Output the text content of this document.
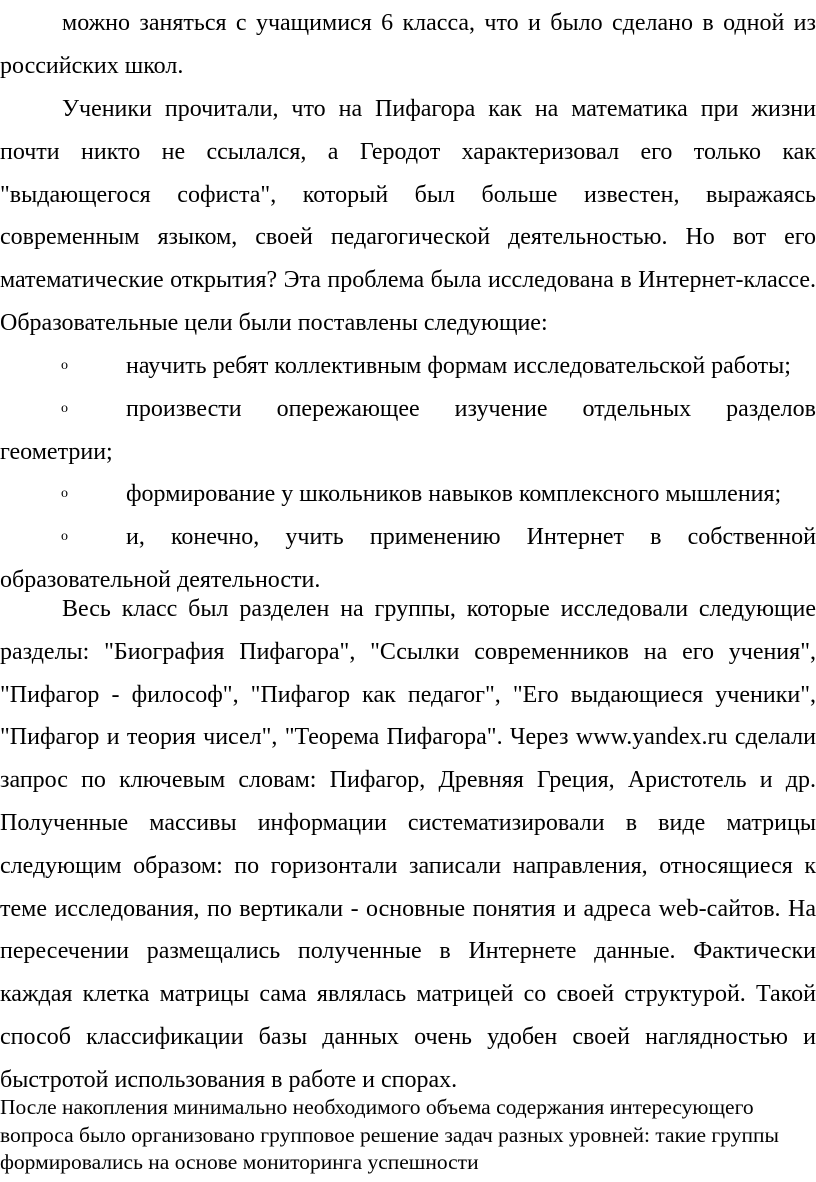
можно заняться с учащимися 6 класса, что и было сделано в одной из российских школ.

Ученики прочитали, что на Пифагора как на математика при жизни почти никто не ссылался, а Геродот характеризовал его только как "выдающегося софиста", который был больше известен, выражаясь современным языком, своей педагогической деятельностью. Но вот его математические открытия? Эта проблема была исследована в Интернет-классе. Образовательные цели были поставлены следующие:

o научить ребят коллективным формам исследовательской работы;

o произвести опережающее изучение отдельных разделов геометрии;

o формирование у школьников навыков комплексного мышления;

o и, конечно, учить применению Интернет в собственной образовательной деятельности.

Весь класс был разделен на группы, которые исследовали следующие разделы: "Биография Пифагора", "Ссылки современников на его учения", "Пифагор - философ", "Пифагор как педагог", "Его выдающиеся ученики", "Пифагор и теория чисел", "Теорема Пифагора". Через www.yandex.ru сделали запрос по ключевым словам: Пифагор, Древняя Греция, Аристотель и др. Полученные массивы информации систематизировали в виде матрицы следующим образом: по горизонтали записали направления, относящиеся к теме исследования, по вертикали - основные понятия и адреса web-сайтов. На пересечении размещались полученные в Интернете данные. Фактически каждая клетка матрицы сама являлась матрицей со своей структурой. Такой способ классификации базы данных очень удобен своей наглядностью и быстротой использования в работе и спорах.

После накопления минимально необходимого объема содержания интересующего вопроса было организовано групповое решение задач разных уровней: такие группы формировались на основе мониторинга успешности
